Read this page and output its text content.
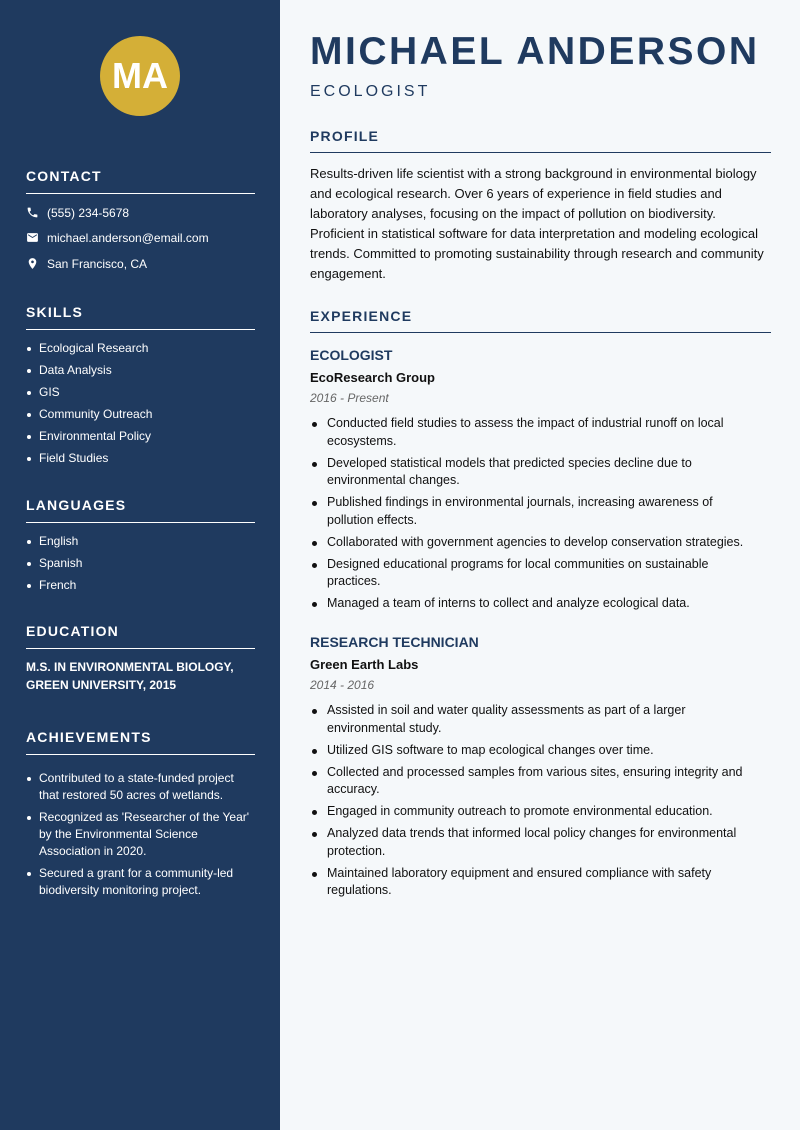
MA
CONTACT
(555) 234-5678
michael.anderson@email.com
San Francisco, CA
SKILLS
Ecological Research
Data Analysis
GIS
Community Outreach
Environmental Policy
Field Studies
LANGUAGES
English
Spanish
French
EDUCATION
M.S. IN ENVIRONMENTAL BIOLOGY, GREEN UNIVERSITY, 2015
ACHIEVEMENTS
Contributed to a state-funded project that restored 50 acres of wetlands.
Recognized as 'Researcher of the Year' by the Environmental Science Association in 2020.
Secured a grant for a community-led biodiversity monitoring project.
MICHAEL ANDERSON
ECOLOGIST
PROFILE
Results-driven life scientist with a strong background in environmental biology and ecological research. Over 6 years of experience in field studies and laboratory analyses, focusing on the impact of pollution on biodiversity. Proficient in statistical software for data interpretation and modeling ecological trends. Committed to promoting sustainability through research and community engagement.
EXPERIENCE
ECOLOGIST
EcoResearch Group
2016 - Present
Conducted field studies to assess the impact of industrial runoff on local ecosystems.
Developed statistical models that predicted species decline due to environmental changes.
Published findings in environmental journals, increasing awareness of pollution effects.
Collaborated with government agencies to develop conservation strategies.
Designed educational programs for local communities on sustainable practices.
Managed a team of interns to collect and analyze ecological data.
RESEARCH TECHNICIAN
Green Earth Labs
2014 - 2016
Assisted in soil and water quality assessments as part of a larger environmental study.
Utilized GIS software to map ecological changes over time.
Collected and processed samples from various sites, ensuring integrity and accuracy.
Engaged in community outreach to promote environmental education.
Analyzed data trends that informed local policy changes for environmental protection.
Maintained laboratory equipment and ensured compliance with safety regulations.
